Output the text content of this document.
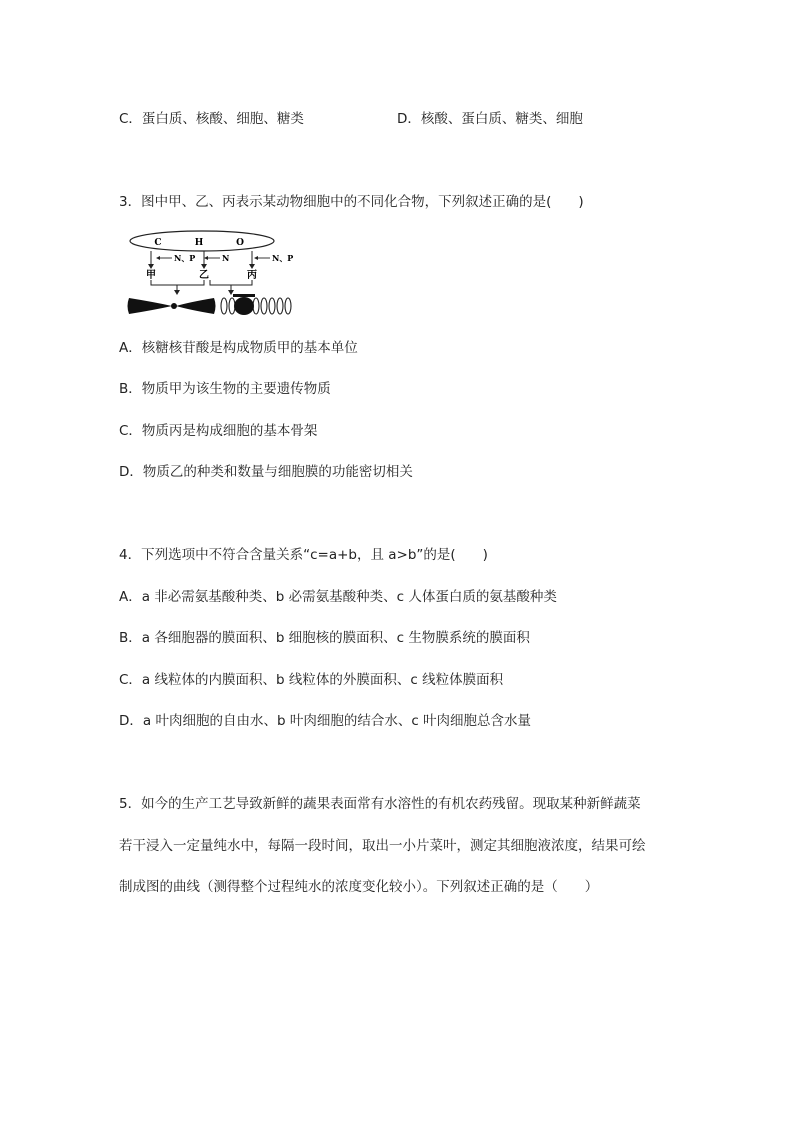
C．蛋白质、核酸、细胞、糖类	D．核酸、蛋白质、糖类、细胞
3．图中甲、乙、丙表示某动物细胞中的不同化合物，下列叙述正确的是(　　)
C	H	O
N、P	N	N、P
甲	乙	丙
A．核糖核苷酸是构成物质甲的基本单位
B．物质甲为该生物的主要遗传物质
C．物质丙是构成细胞的基本骨架
D．物质乙的种类和数量与细胞膜的功能密切相关
4．下列选项中不符合含量关系“c=a+b，且 a>b”的是(　　)
A．a 非必需氨基酸种类、b 必需氨基酸种类、c 人体蛋白质的氨基酸种类
B．a 各细胞器的膜面积、b 细胞核的膜面积、c 生物膜系统的膜面积
C．a 线粒体的内膜面积、b 线粒体的外膜面积、c 线粒体膜面积
D．a 叶肉细胞的自由水、b 叶肉细胞的结合水、c 叶肉细胞总含水量
5．如今的生产工艺导致新鲜的蔬果表面常有水溶性的有机农药残留。现取某种新鲜蔬菜
若干浸入一定量纯水中，每隔一段时间，取出一小片菜叶，测定其细胞液浓度，结果可绘
制成图的曲线（测得整个过程纯水的浓度变化较小）。下列叙述正确的是（　　）
